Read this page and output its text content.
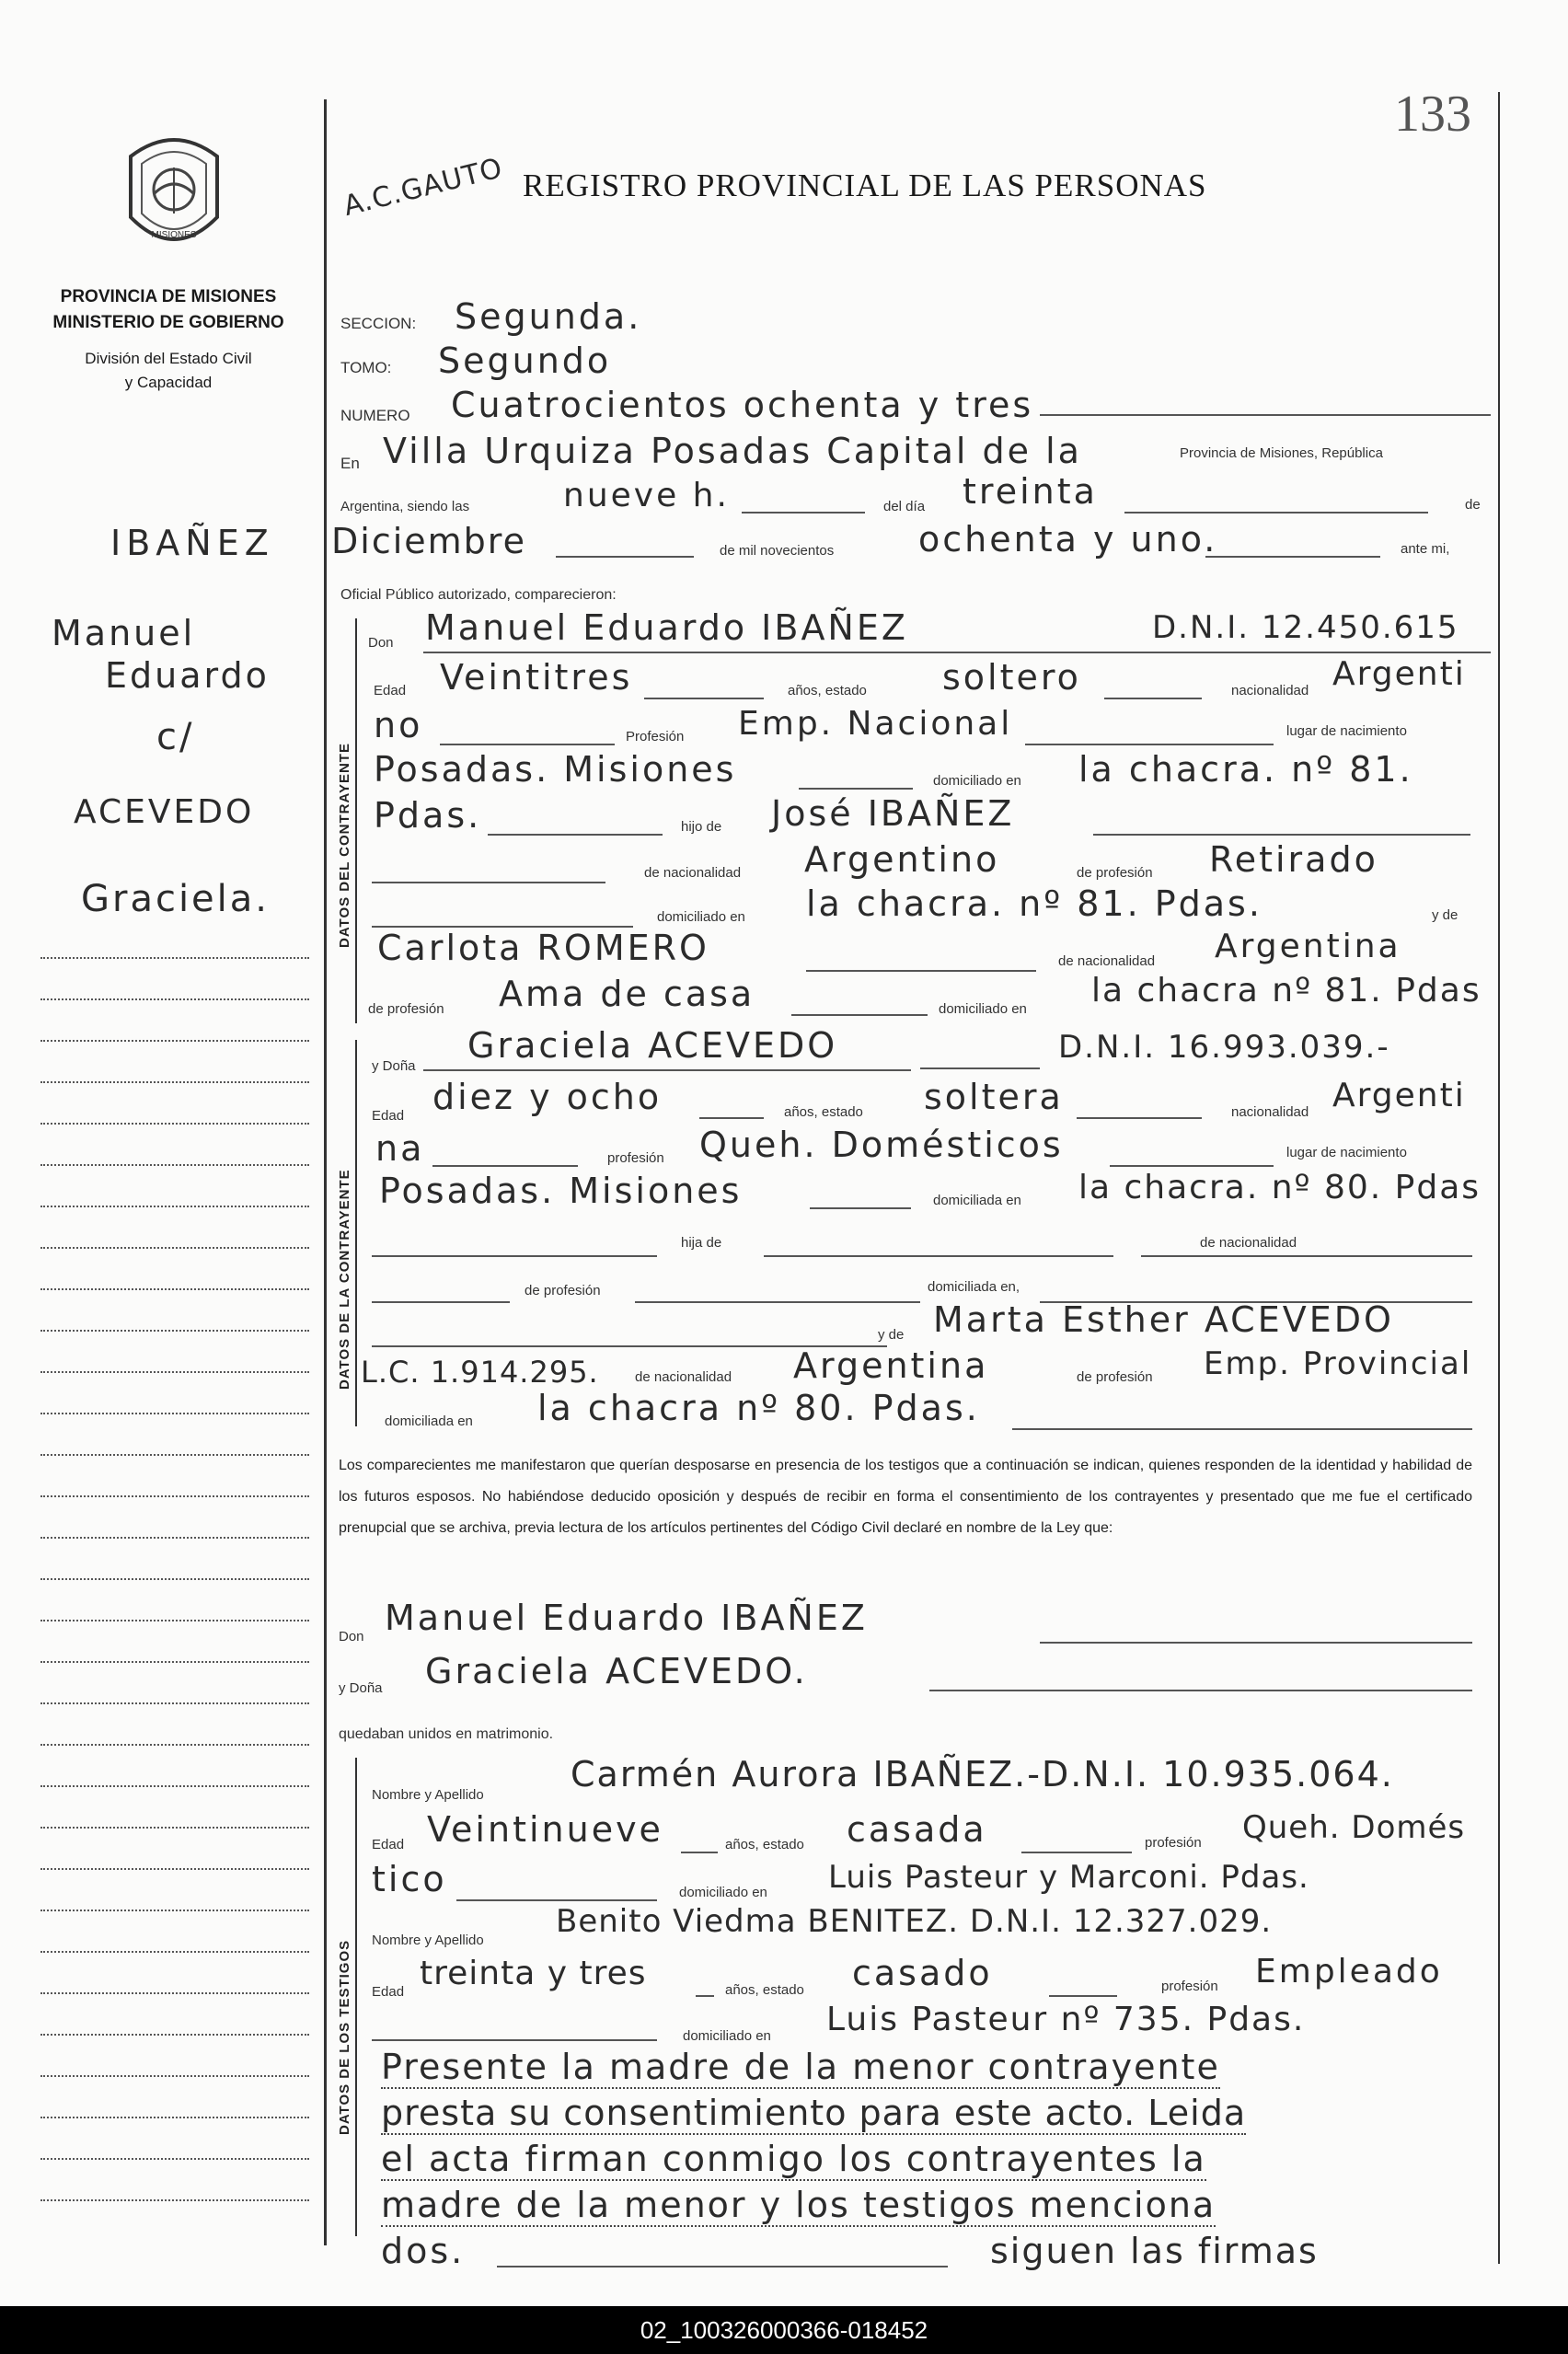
133
MISIONES
PROVINCIA DE MISIONES
MINISTERIO DE GOBIERNO
División del Estado Civil
y Capacidad
A.C.GAUTO REGISTRO PROVINCIAL DE LAS PERSONAS
IBAÑEZ
Manuel
Eduardo
c/
ACEVEDO
Graciela.
SECCION: Segunda.
TOMO: Segundo
NUMERO Cuatrocientos ochenta y tres
En Villa Urquiza Posadas Capital de la	Provincia de Misiones, República
Argentina, siendo las	nueve h.	del día treinta	de
Diciembre	de mil novecientos ochenta y uno.	ante mi,
Oficial Público autorizado, comparecieron:
DATOS DEL CONTRAYENTE
Don Manuel Eduardo IBAÑEZ	D.N.I. 12.450.615
Edad Veintitres	años, estado soltero	nacionalidad Argenti
no	Profesión Emp. Nacional	lugar de nacimiento
Posadas. Misiones	domiciliado en la chacra. nº 81.
Pdas.	hijo de José IBAÑEZ
de nacionalidad Argentino	de profesión Retirado
domiciliado en la chacra. nº 81. Pdas.	y de
Carlota ROMERO	de nacionalidad Argentina
de profesión Ama de casa	domiciliado en la chacra nº 81. Pdas
DATOS DE LA CONTRAYENTE
y Doña
Graciela ACEVEDO	D.N.I. 16.993.039.-
Edad diez y ocho	años, estado soltera	nacionalidad Argenti
na	profesión Queh. Domésticos	lugar de nacimiento
Posadas. Misiones	domiciliada en la chacra. nº 80. Pdas
hija de	de nacionalidad
de profesión	domiciliada en,
y de Marta Esther ACEVEDO
L.C. 1.914.295.	de nacionalidad Argentina	de profesión Emp. Provincial
domiciliada en la chacra nº 80. Pdas.
Los comparecientes me manifestaron que querían desposarse en presencia de los testigos que a continuación se indican, quienes responden de la identidad y habilidad de los futuros esposos. No habiéndose deducido oposición y después de recibir en forma el consentimiento de los contrayentes y presentado que me fue el certificado prenupcial que se archiva, previa lectura de los artículos pertinentes del Código Civil declaré en nombre de la Ley que:
Don Manuel Eduardo IBAÑEZ
y Doña Graciela ACEVEDO.
quedaban unidos en matrimonio.
DATOS DE LOS TESTIGOS
Nombre y Apellido
Carmén Aurora IBAÑEZ.-D.N.I. 10.935.064.
Edad Veintinueve	años, estado casada	profesión Queh. Domés
tico	domiciliado en Luis Pasteur y Marconi. Pdas.
Nombre y Apellido
Benito Viedma BENITEZ. D.N.I. 12.327.029.
Edad treinta y tres	años, estado casado	profesión Empleado
domiciliado en Luis Pasteur nº 735. Pdas.
Presente la madre de la menor contrayente
presta su consentimiento para este acto. Leida
el acta firman conmigo los contrayentes la
madre de la menor y los testigos menciona
dos.	siguen las firmas
02_100326000366-018452
